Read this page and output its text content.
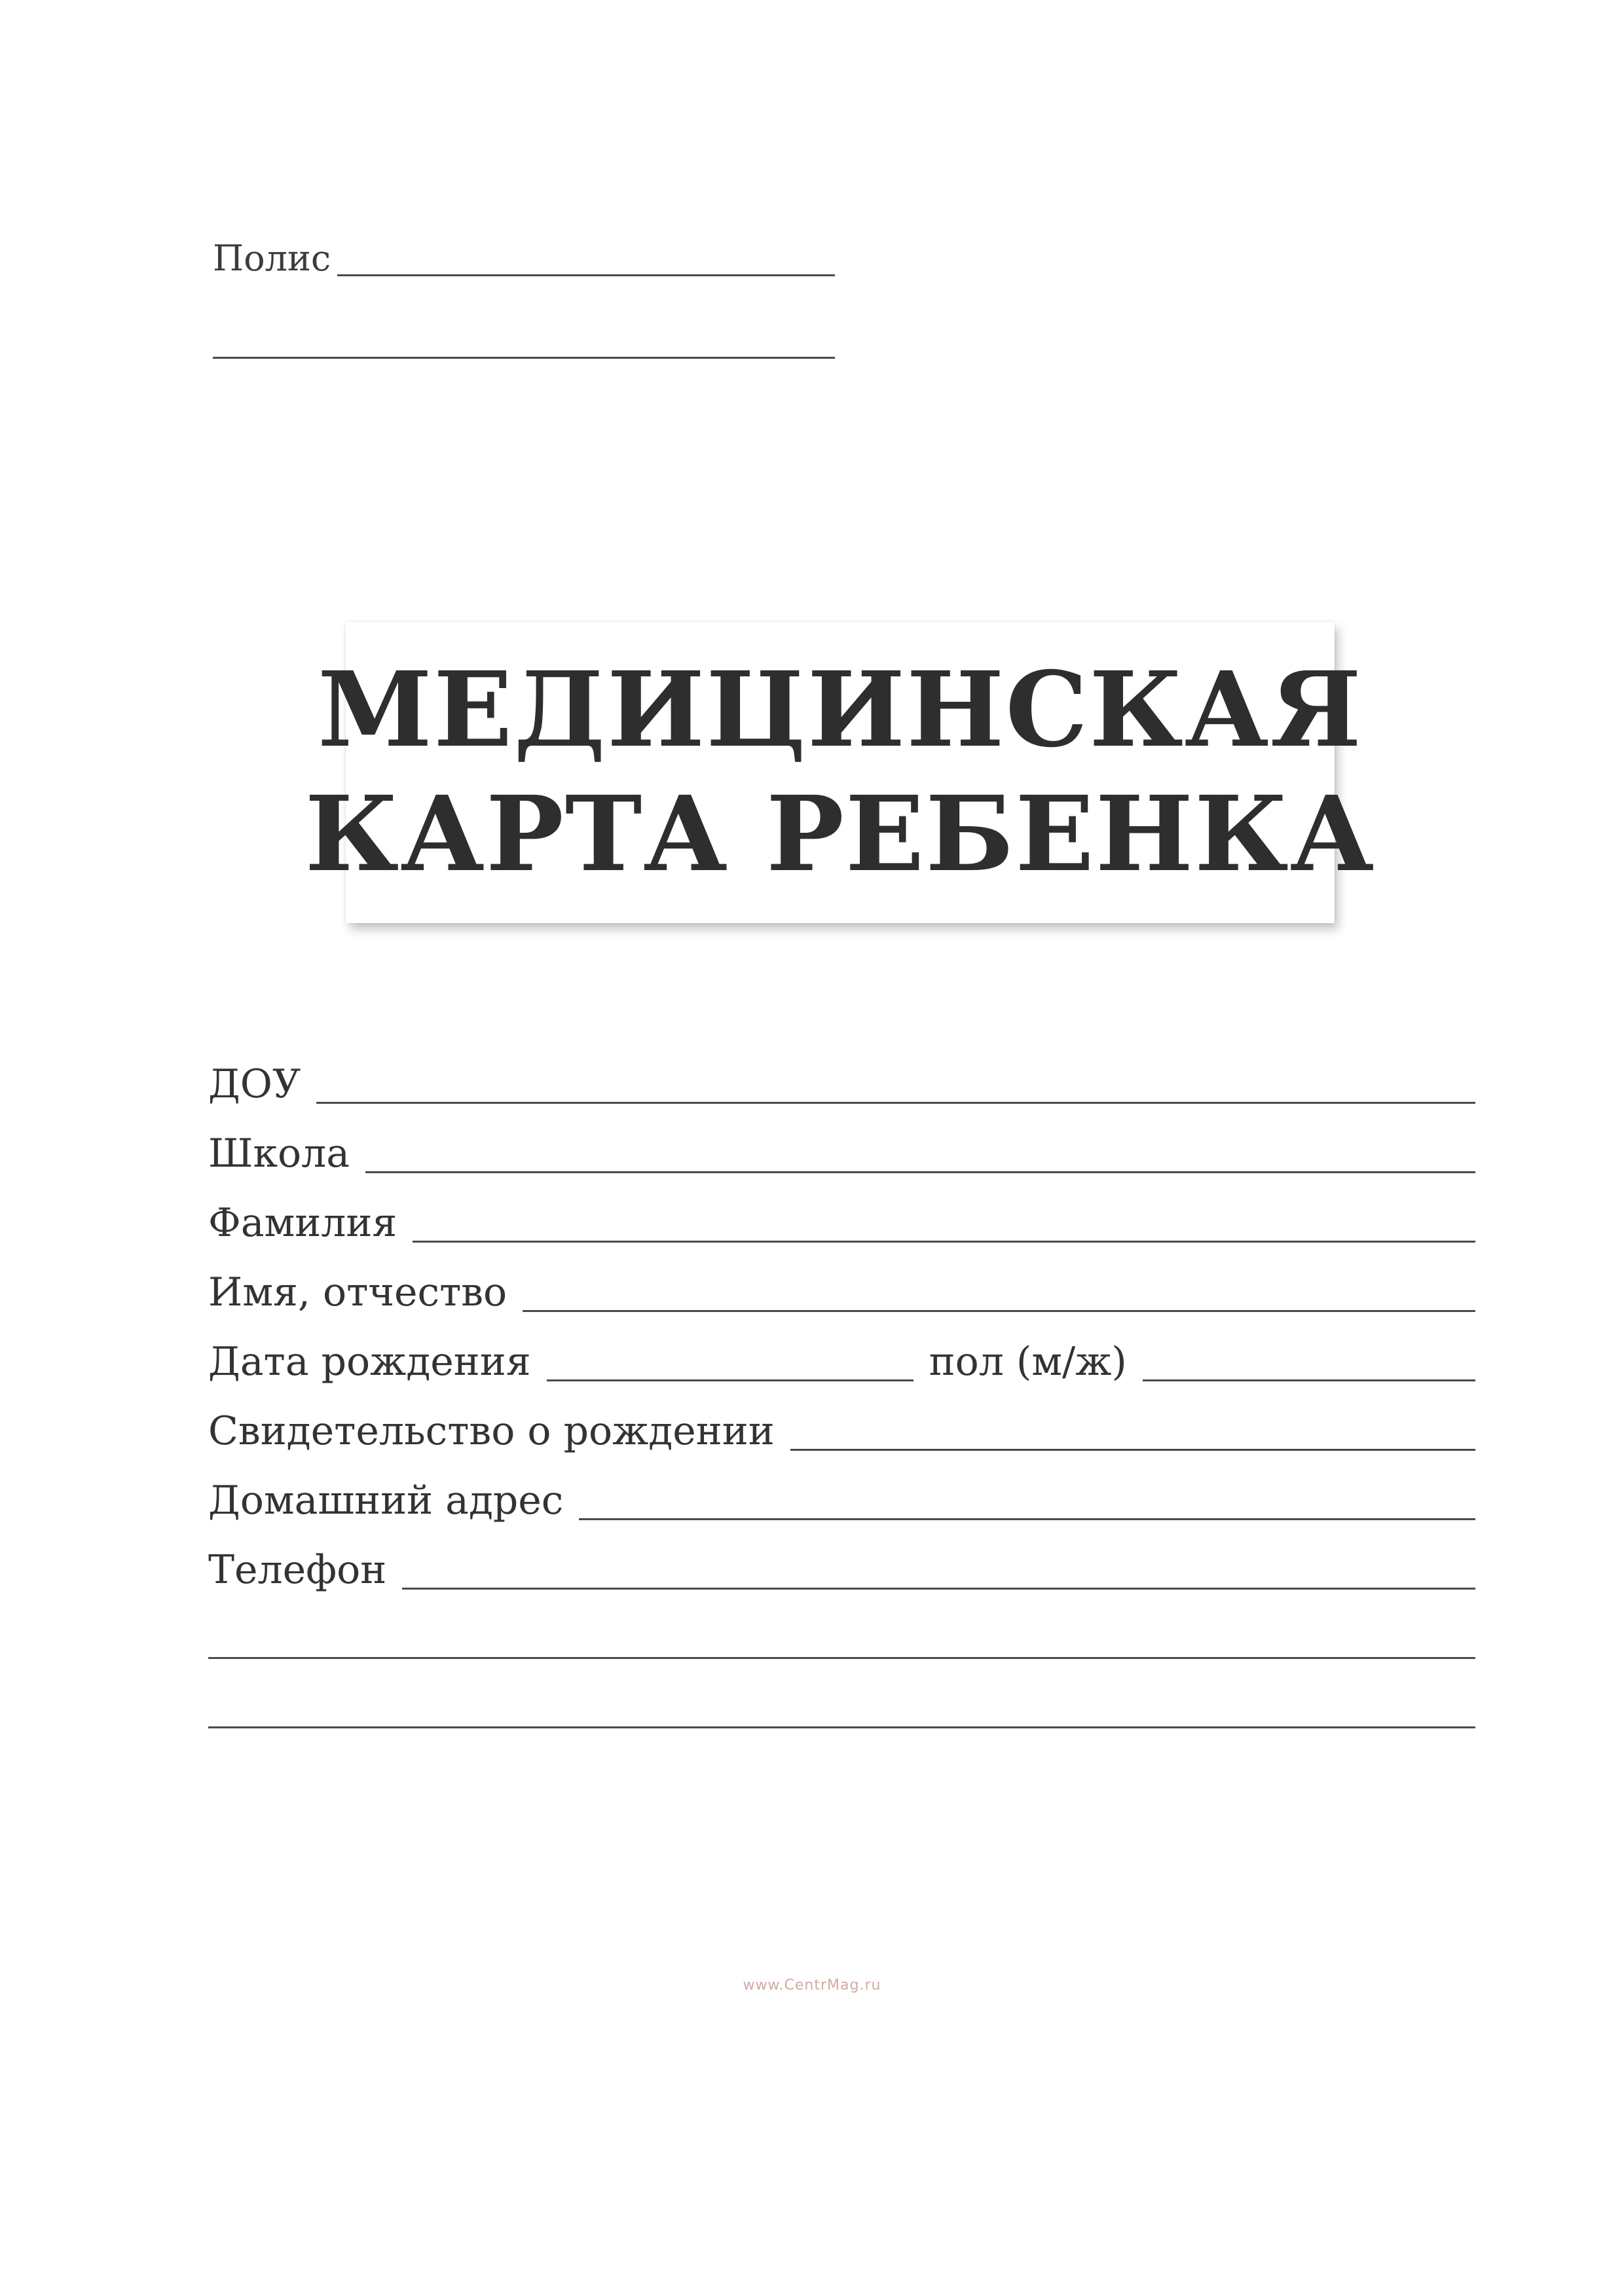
Полис
МЕДИЦИНСКАЯ
КАРТА РЕБЕНКА
ДОУ
Школа
Фамилия
Имя, отчество
Дата рождения	пол (м/ж)
Свидетельство о рождении
Домашний адрес
Телефон
www.CentrMag.ru
